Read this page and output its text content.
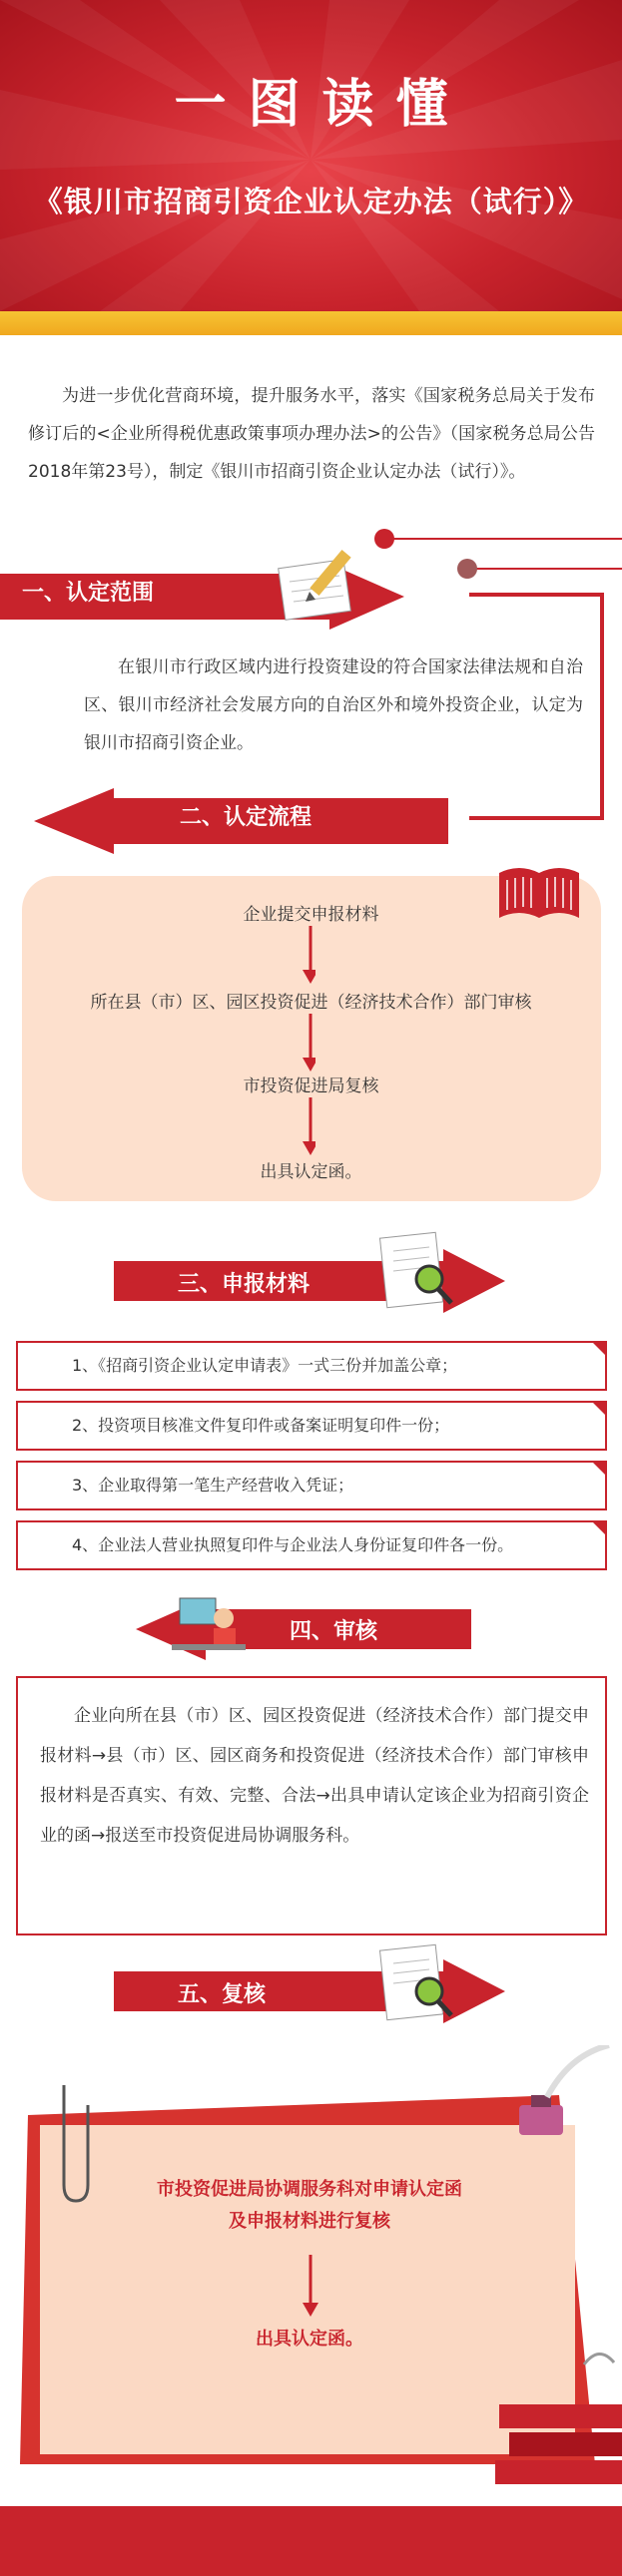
一图读懂
《银川市招商引资企业认定办法（试行）》
为进一步优化营商环境，提升服务水平，落实《国家税务总局关于发布修订后的<企业所得税优惠政策事项办理办法>的公告》（国家税务总局公告2018年第23号），制定《银川市招商引资企业认定办法（试行）》。
一、认定范围
在银川市行政区域内进行投资建设的符合国家法律法规和自治区、银川市经济社会发展方向的自治区外和境外投资企业，认定为银川市招商引资企业。
二、认定流程
企业提交申报材料
所在县（市）区、园区投资促进（经济技术合作）部门审核
市投资促进局复核
出具认定函。
三、申报材料
1、《招商引资企业认定申请表》一式三份并加盖公章；
2、投资项目核准文件复印件或备案证明复印件一份；
3、企业取得第一笔生产经营收入凭证；
4、企业法人营业执照复印件与企业法人身份证复印件各一份。
四、审核
企业向所在县（市）区、园区投资促进（经济技术合作）部门提交申报材料→县（市）区、园区商务和投资促进（经济技术合作）部门审核申报材料是否真实、有效、完整、合法→出具申请认定该企业为招商引资企业的函→报送至市投资促进局协调服务科。
五、复核
市投资促进局协调服务科对申请认定函
及申报材料进行复核
出具认定函。
